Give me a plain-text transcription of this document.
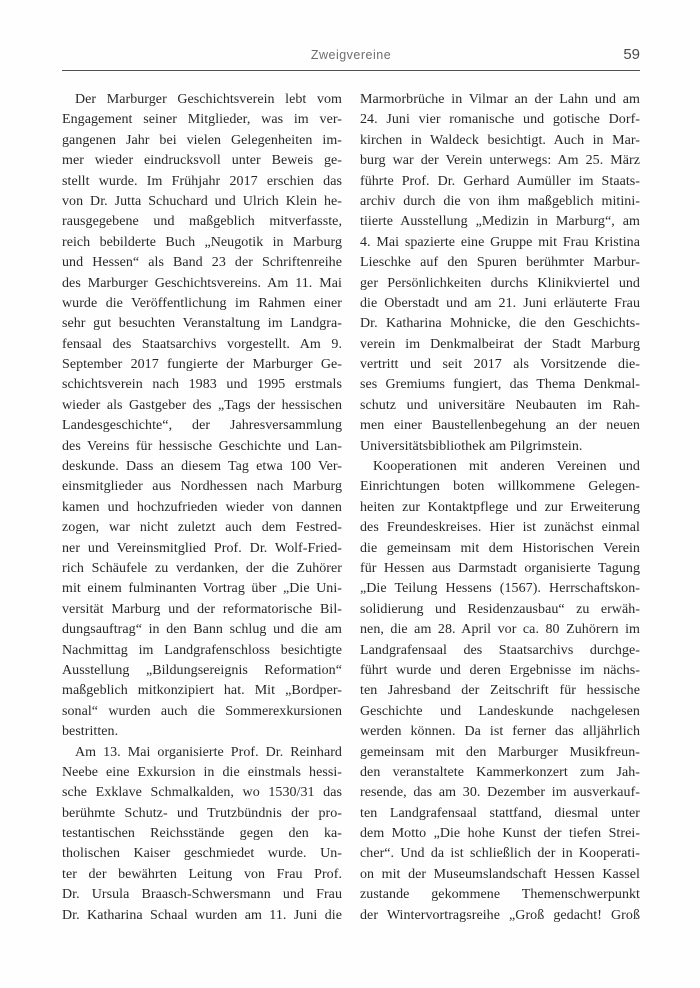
Zweigvereine	59
Der Marburger Geschichtsverein lebt vom
Engagement seiner Mitglieder, was im ver-
gangenen Jahr bei vielen Gelegenheiten im-
mer wieder eindrucksvoll unter Beweis ge-
stellt wurde. Im Frühjahr 2017 erschien das
von Dr. Jutta Schuchard und Ulrich Klein he-
rausgegebene und maßgeblich mitverfasste,
reich bebilderte Buch „Neugotik in Marburg
und Hessen“ als Band 23 der Schriftenreihe
des Marburger Geschichtsvereins. Am 11. Mai
wurde die Veröffentlichung im Rahmen einer
sehr gut besuchten Veranstaltung im Landgra-
fensaal des Staatsarchivs vorgestellt. Am 9.
September 2017 fungierte der Marburger Ge-
schichtsverein nach 1983 und 1995 erstmals
wieder als Gastgeber des „Tags der hessischen
Landesgeschichte“, der Jahresversammlung
des Vereins für hessische Geschichte und Lan-
deskunde. Dass an diesem Tag etwa 100 Ver-
einsmitglieder aus Nordhessen nach Marburg
kamen und hochzufrieden wieder von dannen
zogen, war nicht zuletzt auch dem Festred-
ner und Vereinsmitglied Prof. Dr. Wolf-Fried-
rich Schäufele zu verdanken, der die Zuhörer
mit einem fulminanten Vortrag über „Die Uni-
versität Marburg und der reformatorische Bil-
dungsauftrag“ in den Bann schlug und die am
Nachmittag im Landgrafenschloss besichtigte
Ausstellung „Bildungsereignis Reformation“
maßgeblich mitkonzipiert hat. Mit „Bordper-
sonal“ wurden auch die Sommerexkursionen
bestritten.
Am 13. Mai organisierte Prof. Dr. Reinhard
Neebe eine Exkursion in die einstmals hessi-
sche Exklave Schmalkalden, wo 1530/31 das
berühmte Schutz- und Trutzbündnis der pro-
testantischen Reichsstände gegen den ka-
tholischen Kaiser geschmiedet wurde. Un-
ter der bewährten Leitung von Frau Prof.
Dr. Ursula Braasch-Schwersmann und Frau
Dr. Katharina Schaal wurden am 11. Juni die
Marmorbrüche in Vilmar an der Lahn und am
24. Juni vier romanische und gotische Dorf-
kirchen in Waldeck besichtigt. Auch in Mar-
burg war der Verein unterwegs: Am 25. März
führte Prof. Dr. Gerhard Aumüller im Staats-
archiv durch die von ihm maßgeblich mitini-
tiierte Ausstellung „Medizin in Marburg“, am
4. Mai spazierte eine Gruppe mit Frau Kristina
Lieschke auf den Spuren berühmter Marbur-
ger Persönlichkeiten durchs Klinikviertel und
die Oberstadt und am 21. Juni erläuterte Frau
Dr. Katharina Mohnicke, die den Geschichts-
verein im Denkmalbeirat der Stadt Marburg
vertritt und seit 2017 als Vorsitzende die-
ses Gremiums fungiert, das Thema Denkmal-
schutz und universitäre Neubauten im Rah-
men einer Baustellenbegehung an der neuen
Universitätsbibliothek am Pilgrimstein.
Kooperationen mit anderen Vereinen und
Einrichtungen boten willkommene Gelegen-
heiten zur Kontaktpflege und zur Erweiterung
des Freundeskreises. Hier ist zunächst einmal
die gemeinsam mit dem Historischen Verein
für Hessen aus Darmstadt organisierte Tagung
„Die Teilung Hessens (1567). Herrschaftskon-
solidierung und Residenzausbau“ zu erwäh-
nen, die am 28. April vor ca. 80 Zuhörern im
Landgrafensaal des Staatsarchivs durchge-
führt wurde und deren Ergebnisse im nächs-
ten Jahresband der Zeitschrift für hessische
Geschichte und Landeskunde nachgelesen
werden können. Da ist ferner das alljährlich
gemeinsam mit den Marburger Musikfreun-
den veranstaltete Kammerkonzert zum Jah-
resende, das am 30. Dezember im ausverkauf-
ten Landgrafensaal stattfand, diesmal unter
dem Motto „Die hohe Kunst der tiefen Strei-
cher“. Und da ist schließlich der in Kooperati-
on mit der Museumslandschaft Hessen Kassel
zustande gekommene Themenschwerpunkt
der Wintervortragsreihe „Groß gedacht! Groß
